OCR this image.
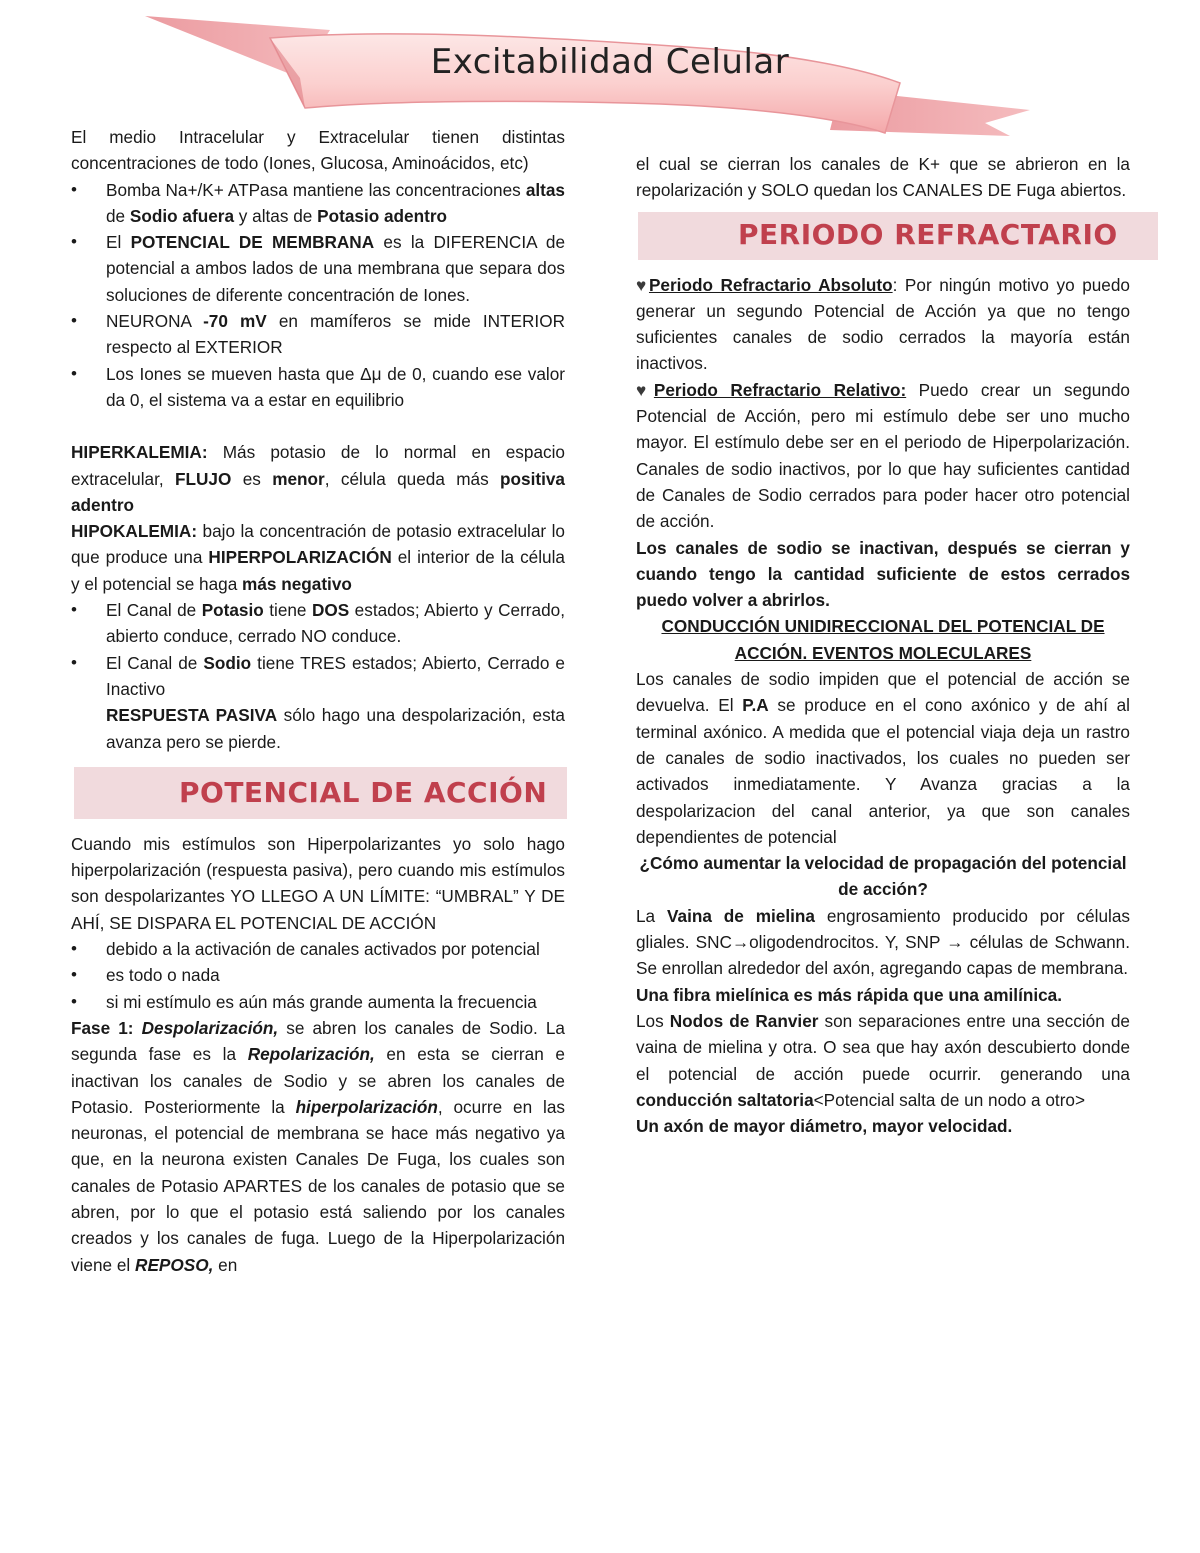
Excitabilidad Celular

El medio Intracelular y Extracelular tienen distintas concentraciones de todo (Iones, Glucosa, Aminoácidos, etc)

• Bomba Na+/K+ ATPasa mantiene las concentraciones altas de Sodio afuera y altas de Potasio adentro
• El POTENCIAL DE MEMBRANA es la DIFERENCIA de potencial a ambos lados de una membrana que separa dos soluciones de diferente concentración de Iones.
• NEURONA -70 mV en mamíferos se mide INTERIOR respecto al EXTERIOR
• Los Iones se mueven hasta que Δμ de 0, cuando ese valor da 0, el sistema va a estar en equilibrio

HIPERKALEMIA: Más potasio de lo normal en espacio extracelular, FLUJO es menor, célula queda más positiva adentro

HIPOKALEMIA: bajo la concentración de potasio extracelular lo que produce una HIPERPOLARIZACIÓN el interior de la célula y el potencial se haga más negativo

• El Canal de Potasio tiene DOS estados; Abierto y Cerrado, abierto conduce, cerrado NO conduce.
• El Canal de Sodio tiene TRES estados; Abierto, Cerrado e Inactivo

RESPUESTA PASIVA sólo hago una despolarización, esta avanza pero se pierde.

POTENCIAL DE ACCIÓN

Cuando mis estímulos son Hiperpolarizantes yo solo hago hiperpolarización (respuesta pasiva), pero cuando mis estímulos son despolarizantes YO LLEGO A UN LÍMITE: “UMBRAL” Y DE AHÍ, SE DISPARA EL POTENCIAL DE ACCIÓN

• debido a la activación de canales activados por potencial
• es todo o nada
• si mi estímulo es aún más grande aumenta la frecuencia

Fase 1: Despolarización, se abren los canales de Sodio. La segunda fase es la Repolarización, en esta se cierran e inactivan los canales de Sodio y se abren los canales de Potasio. Posteriormente la hiperpolarización, ocurre en las neuronas, el potencial de membrana se hace más negativo ya que, en la neurona existen Canales De Fuga, los cuales son canales de Potasio APARTES de los canales de potasio que se abren, por lo que el potasio está saliendo por los canales creados y los canales de fuga. Luego de la Hiperpolarización viene el REPOSO, en

el cual se cierran los canales de K+ que se abrieron en la repolarización y SOLO quedan los CANALES DE Fuga abiertos.

PERIODO REFRACTARIO

♥Periodo Refractario Absoluto: Por ningún motivo yo puedo generar un segundo Potencial de Acción ya que no tengo suficientes canales de sodio cerrados la mayoría están inactivos.

♥Periodo Refractario Relativo: Puedo crear un segundo Potencial de Acción, pero mi estímulo debe ser uno mucho mayor. El estímulo debe ser en el periodo de Hiperpolarización. Canales de sodio inactivos, por lo que hay suficientes cantidad de Canales de Sodio cerrados para poder hacer otro potencial de acción.

Los canales de sodio se inactivan, después se cierran y cuando tengo la cantidad suficiente de estos cerrados puedo volver a abrirlos.

CONDUCCIÓN UNIDIRECCIONAL DEL POTENCIAL DE ACCIÓN. EVENTOS MOLECULARES

Los canales de sodio impiden que el potencial de acción se devuelva. El P.A se produce en el cono axónico y de ahí al terminal axónico. A medida que el potencial viaja deja un rastro de canales de sodio inactivados, los cuales no pueden ser activados inmediatamente. Y Avanza gracias a la despolarizacion del canal anterior, ya que son canales dependientes de potencial

¿Cómo aumentar la velocidad de propagación del potencial de acción?

La Vaina de mielina engrosamiento producido por células gliales. SNC→oligodendrocitos. Y, SNP → células de Schwann. Se enrollan alrededor del axón, agregando capas de membrana.

Una fibra mielínica es más rápida que una amilínica.

Los Nodos de Ranvier son separaciones entre una sección de vaina de mielina y otra. O sea que hay axón descubierto donde el potencial de acción puede ocurrir. generando una conducción saltatoria<Potencial salta de un nodo a otro>

Un axón de mayor diámetro, mayor velocidad.
